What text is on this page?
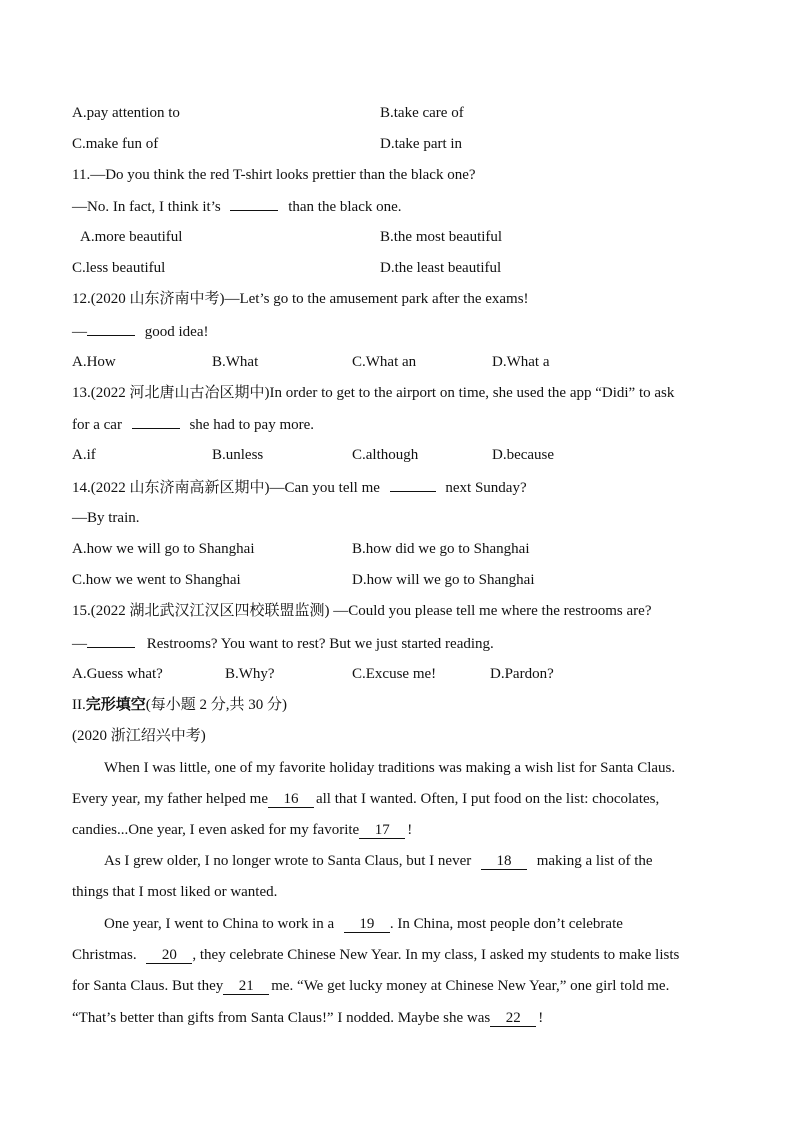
A.pay attention to	B.take care of
C.make fun of	D.take part in
11.—Do you think the red T-shirt looks prettier than the black one?
—No. In fact, I think it’s	than the black one.
A.more beautiful	B.the most beautiful
C.less beautiful	D.the least beautiful
12.(2020 山东济南中考)—Let’s go to the amusement park after the exams!
—	good idea!
A.How	B.What	C.What an	D.What a
13.(2022 河北唐山古冶区期中)In order to get to the airport on time, she used the app “Didi” to ask
for a car	she had to pay more.
A.if	B.unless	C.although	D.because
14.(2022 山东济南高新区期中)—Can you tell me	next Sunday?
—By train.
A.how we will go to Shanghai	B.how did we go to Shanghai
C.how we went to Shanghai	D.how will we go to Shanghai
15.(2022 湖北武汉江汉区四校联盟监测) —Could you please tell me where the restrooms are?
—	Restrooms? You want to rest? But we just started reading.
A.Guess what?	B.Why?	C.Excuse me!	D.Pardon?
II.完形填空(每小题 2 分,共 30 分)
(2020 浙江绍兴中考)
When I was little, one of my favorite holiday traditions was making a wish list for Santa Claus.
Every year, my father helped me 16 all that I wanted. Often, I put food on the list: chocolates,
candies...One year, I even asked for my favorite 17 !
As I grew older, I no longer wrote to Santa Claus, but I never 18 making a list of the
things that I most liked or wanted.
One year, I went to China to work in a 19 . In China, most people don’t celebrate
Christmas. 20 , they celebrate Chinese New Year. In my class, I asked my students to make lists
for Santa Claus. But they 21 me. “We get lucky money at Chinese New Year,” one girl told me.
“That’s better than gifts from Santa Claus!” I nodded. Maybe she was 22 !
